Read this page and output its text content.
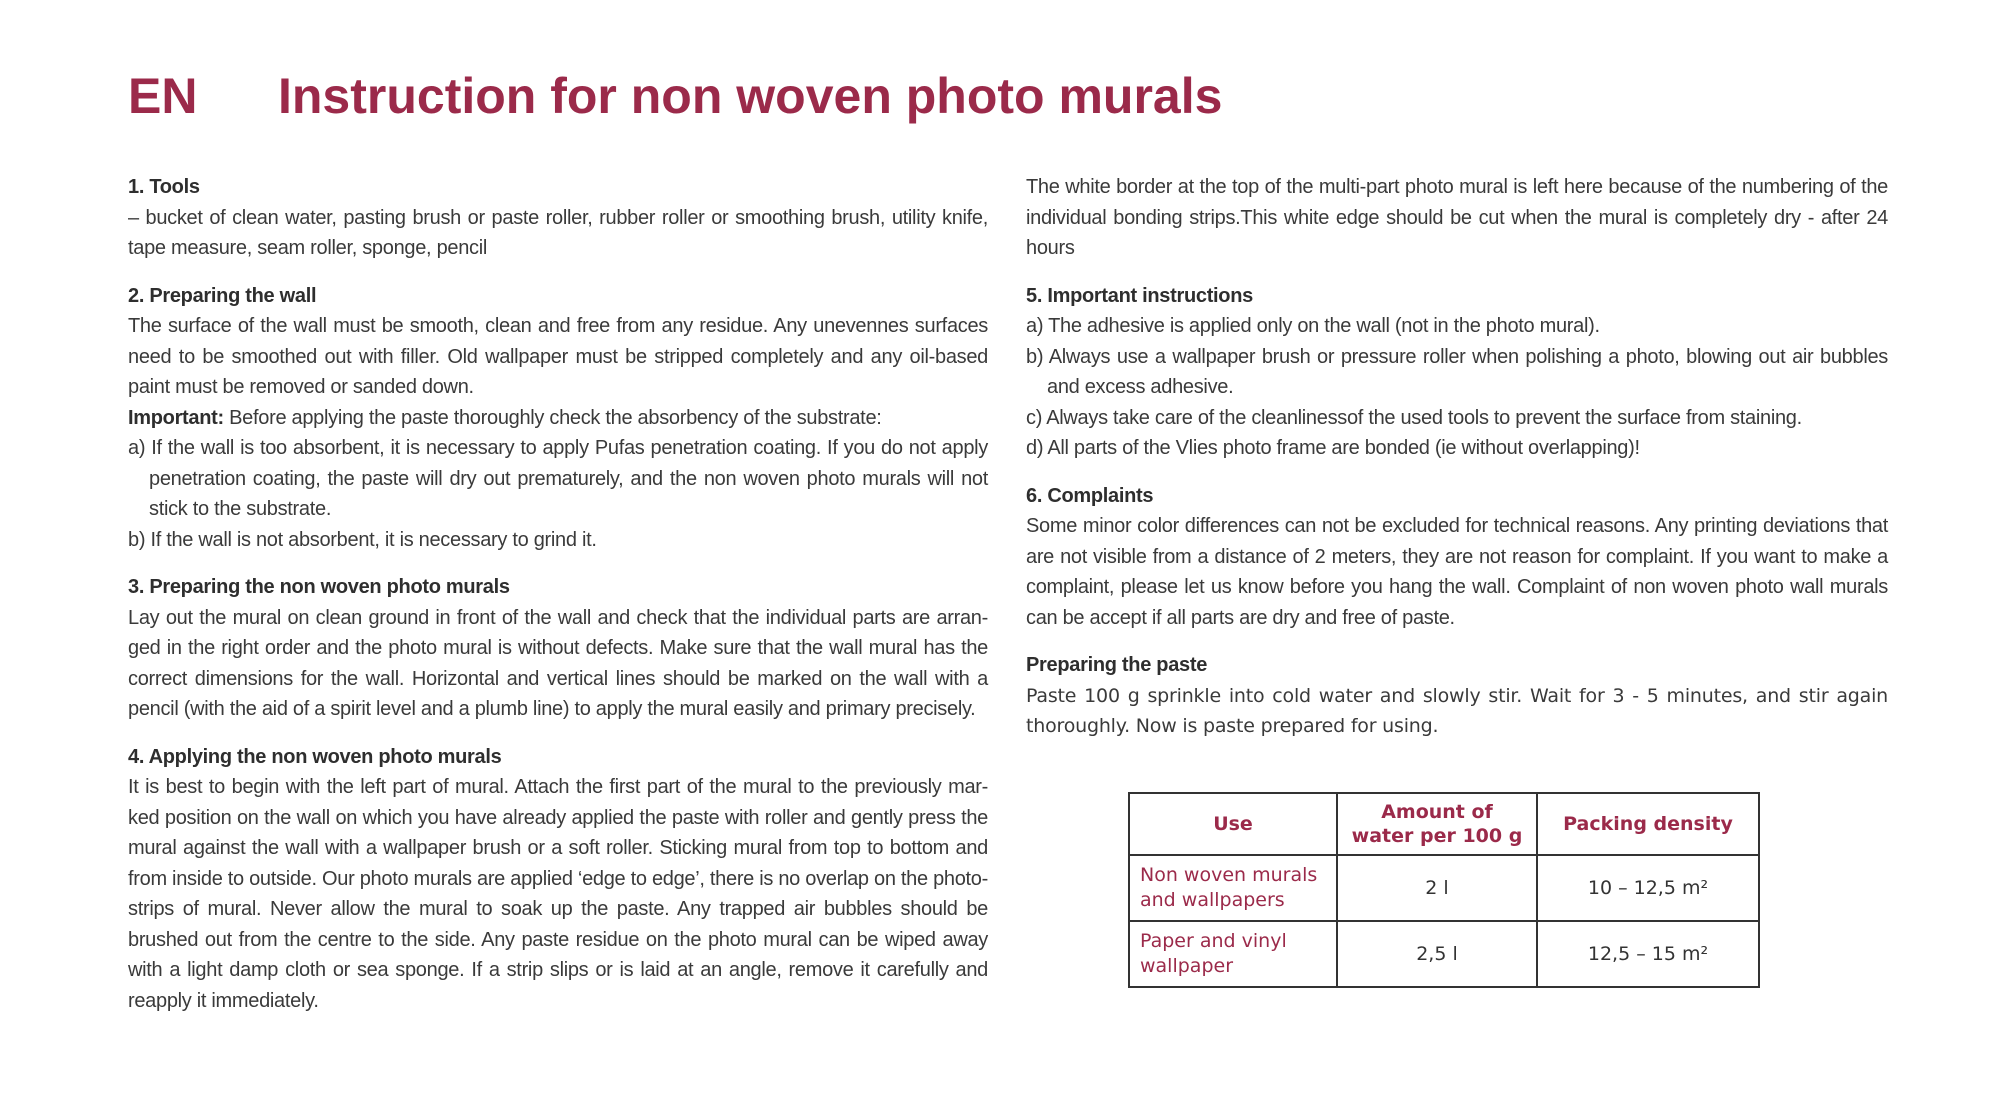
EN Instruction for non woven photo murals
1. Tools

– bucket of clean water, pasting brush or paste roller, rubber roller or smoothing brush, utility knife, tape measure, seam roller, sponge, pencil

2. Preparing the wall

The surface of the wall must be smooth, clean and free from any residue. Any unevennes surfaces need to be smoothed out with filler. Old wallpaper must be stripped completely and any oil-based paint must be removed or sanded down.

Important: Before applying the paste thoroughly check the absorbency of the substrate:

a) If the wall is too absorbent, it is necessary to apply Pufas penetration coating. If you do not apply penetration coating, the paste will dry out prematurely, and the non woven photo murals will not stick to the substrate.

b) If the wall is not absorbent, it is necessary to grind it.

3. Preparing the non woven photo murals

Lay out the mural on clean ground in front of the wall and check that the individual parts are arran-ged in the right order and the photo mural is without defects. Make sure that the wall mural has the correct dimensions for the wall. Horizontal and vertical lines should be marked on the wall with a pencil (with the aid of a spirit level and a plumb line) to apply the mural easily and primary precisely.

4. Applying the non woven photo murals

It is best to begin with the left part of mural. Attach the first part of the mural to the previously mar-ked position on the wall on which you have already applied the paste with roller and gently press the mural against the wall with a wallpaper brush or a soft roller. Sticking mural from top to bottom and from inside to outside. Our photo murals are applied ‘edge to edge’, there is no overlap on the photo-strips of mural. Never allow the mural to soak up the paste. Any trapped air bubbles should be brushed out from the centre to the side. Any paste residue on the photo mural can be wiped away with a light damp cloth or sea sponge. If a strip slips or is laid at an angle, remove it carefully and reapply it immediately.

The white border at the top of the multi-part photo mural is left here because of the numbering of the individual bonding strips.This white edge should be cut when the mural is completely dry - after 24 hours

5. Important instructions

a) The adhesive is applied only on the wall (not in the photo mural).

b) Always use a wallpaper brush or pressure roller when polishing a photo, blowing out air bubbles and excess adhesive.

c) Always take care of the cleanlinessof the used tools to prevent the surface from staining.

d) All parts of the Vlies photo frame are bonded (ie without overlapping)!

6. Complaints

Some minor color differences can not be excluded for technical reasons. Any printing deviations that are not visible from a distance of 2 meters, they are not reason for complaint. If you want to make a complaint, please let us know before you hang the wall. Complaint of non woven photo wall murals can be accept if all parts are dry and free of paste.

Preparing the paste

Paste 100 g sprinkle into cold water and slowly stir. Wait for 3 - 5 minutes, and stir again thoroughly. Now is paste prepared for using.

Use	Amount of water per 100 g	Packing density
Non woven murals and wallpapers	2 l	10 – 12,5 m²
Paper and vinyl wallpaper	2,5 l	12,5 – 15 m²
